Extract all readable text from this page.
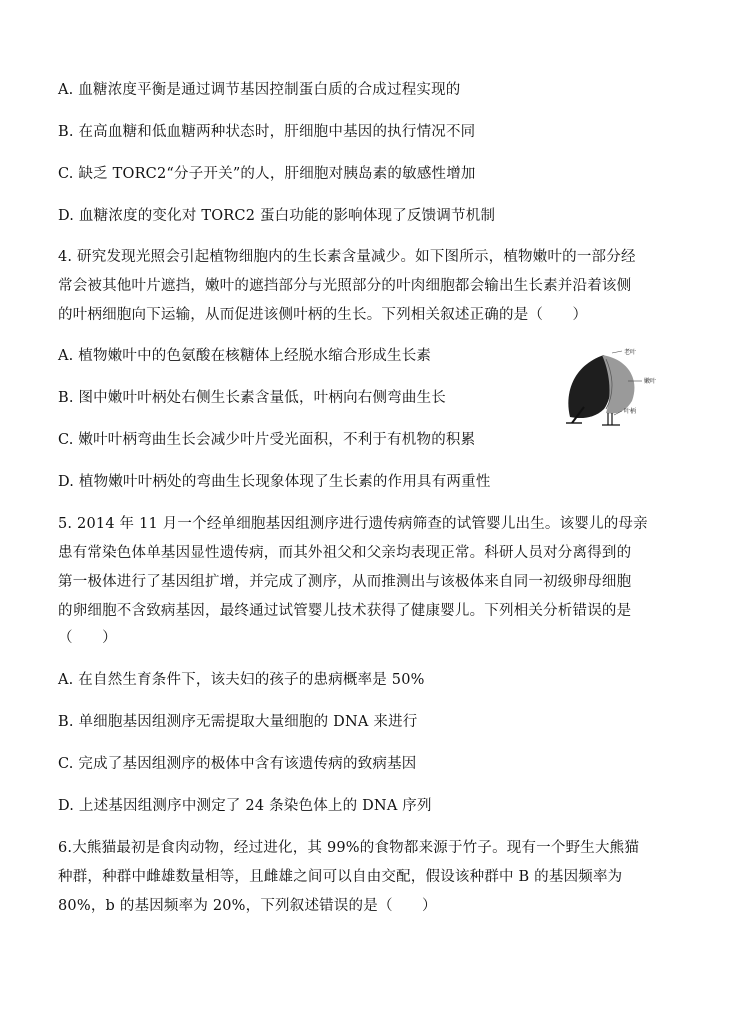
A. 血糖浓度平衡是通过调节基因控制蛋白质的合成过程实现的
B. 在高血糖和低血糖两种状态时，肝细胞中基因的执行情况不同
C. 缺乏 TORC2“分子开关”的人，肝细胞对胰岛素的敏感性增加
D. 血糖浓度的变化对 TORC2 蛋白功能的影响体现了反馈调节机制
4. 研究发现光照会引起植物细胞内的生长素含量减少。如下图所示，植物嫩叶的一部分经
常会被其他叶片遮挡，嫩叶的遮挡部分与光照部分的叶肉细胞都会输出生长素并沿着该侧
的叶柄细胞向下运输，从而促进该侧叶柄的生长。下列相关叙述正确的是（　　）
A. 植物嫩叶中的色氨酸在核糖体上经脱水缩合形成生长素
B. 图中嫩叶叶柄处右侧生长素含量低，叶柄向右侧弯曲生长
C. 嫩叶叶柄弯曲生长会减少叶片受光面积，不利于有机物的积累
D. 植物嫩叶叶柄处的弯曲生长现象体现了生长素的作用具有两重性
老叶
嫩叶
叶柄
5. 2014 年 11 月一个经单细胞基因组测序进行遗传病筛查的试管婴儿出生。该婴儿的母亲
患有常染色体单基因显性遗传病，而其外祖父和父亲均表现正常。科研人员对分离得到的
第一极体进行了基因组扩增，并完成了测序，从而推测出与该极体来自同一初级卵母细胞
的卵细胞不含致病基因，最终通过试管婴儿技术获得了健康婴儿。下列相关分析错误的是
（　　）
A. 在自然生育条件下，该夫妇的孩子的患病概率是 50%
B. 单细胞基因组测序无需提取大量细胞的 DNA 来进行
C. 完成了基因组测序的极体中含有该遗传病的致病基因
D. 上述基因组测序中测定了 24 条染色体上的 DNA 序列
6.大熊猫最初是食肉动物，经过进化，其 99%的食物都来源于竹子。现有一个野生大熊猫
种群，种群中雌雄数量相等，且雌雄之间可以自由交配，假设该种群中 B 的基因频率为
80%，b 的基因频率为 20%，下列叙述错误的是（　　）
